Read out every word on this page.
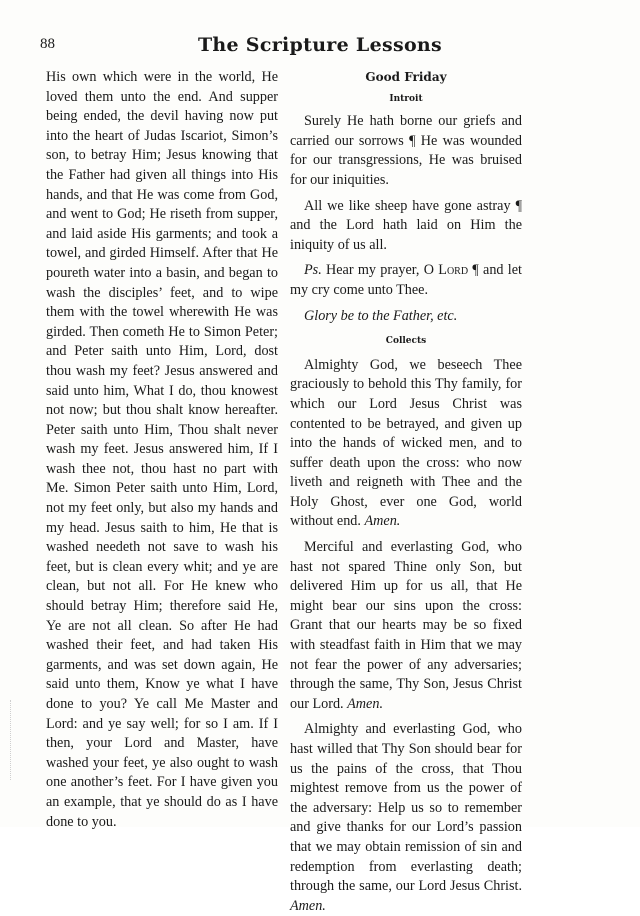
88	The Scripture Lessons

His own which were in the world, He loved them unto the end. And supper being ended, the devil having now put into the heart of Judas Iscariot, Simon’s son, to betray Him; Jesus knowing that the Father had given all things into His hands, and that He was come from God, and went to God; He riseth from supper, and laid aside His garments; and took a towel, and girded Himself. After that He poureth water into a basin, and began to wash the disciples’ feet, and to wipe them with the towel wherewith He was girded. Then cometh He to Simon Peter; and Peter saith unto Him, Lord, dost thou wash my feet? Jesus answered and said unto him, What I do, thou knowest not now; but thou shalt know hereafter. Peter saith unto Him, Thou shalt never wash my feet. Jesus answered him, If I wash thee not, thou hast no part with Me. Simon Peter saith unto Him, Lord, not my feet only, but also my hands and my head. Jesus saith to him, He that is washed needeth not save to wash his feet, but is clean every whit; and ye are clean, but not all. For He knew who should betray Him; therefore said He, Ye are not all clean. So after He had washed their feet, and had taken His garments, and was set down again, He said unto them, Know ye what I have done to you? Ye call Me Master and Lord: and ye say well; for so I am. If I then, your Lord and Master, have washed your feet, ye also ought to wash one another’s feet. For I have given you an example, that ye should do as I have done to you.

Good Friday
Introit

Surely He hath borne our griefs and carried our sorrows ¶ He was wounded for our transgressions, He was bruised for our iniquities.

All we like sheep have gone astray ¶ and the Lord hath laid on Him the iniquity of us all.

Ps. Hear my prayer, O Lord ¶ and let my cry come unto Thee.

Glory be to the Father, etc.

Collects

Almighty God, we beseech Thee graciously to behold this Thy family, for which our Lord Jesus Christ was contented to be betrayed, and given up into the hands of wicked men, and to suffer death upon the cross: who now liveth and reigneth with Thee and the Holy Ghost, ever one God, world without end. Amen.

Merciful and everlasting God, who hast not spared Thine only Son, but delivered Him up for us all, that He might bear our sins upon the cross: Grant that our hearts may be so fixed with steadfast faith in Him that we may not fear the power of any adversaries; through the same, Thy Son, Jesus Christ our Lord. Amen.

Almighty and everlasting God, who hast willed that Thy Son should bear for us the pains of the cross, that Thou mightest remove from us the power of the adversary: Help us so to remember and give thanks for our Lord’s passion that we may obtain remission of sin and redemption from everlasting death; through the same, our Lord Jesus Christ. Amen.
